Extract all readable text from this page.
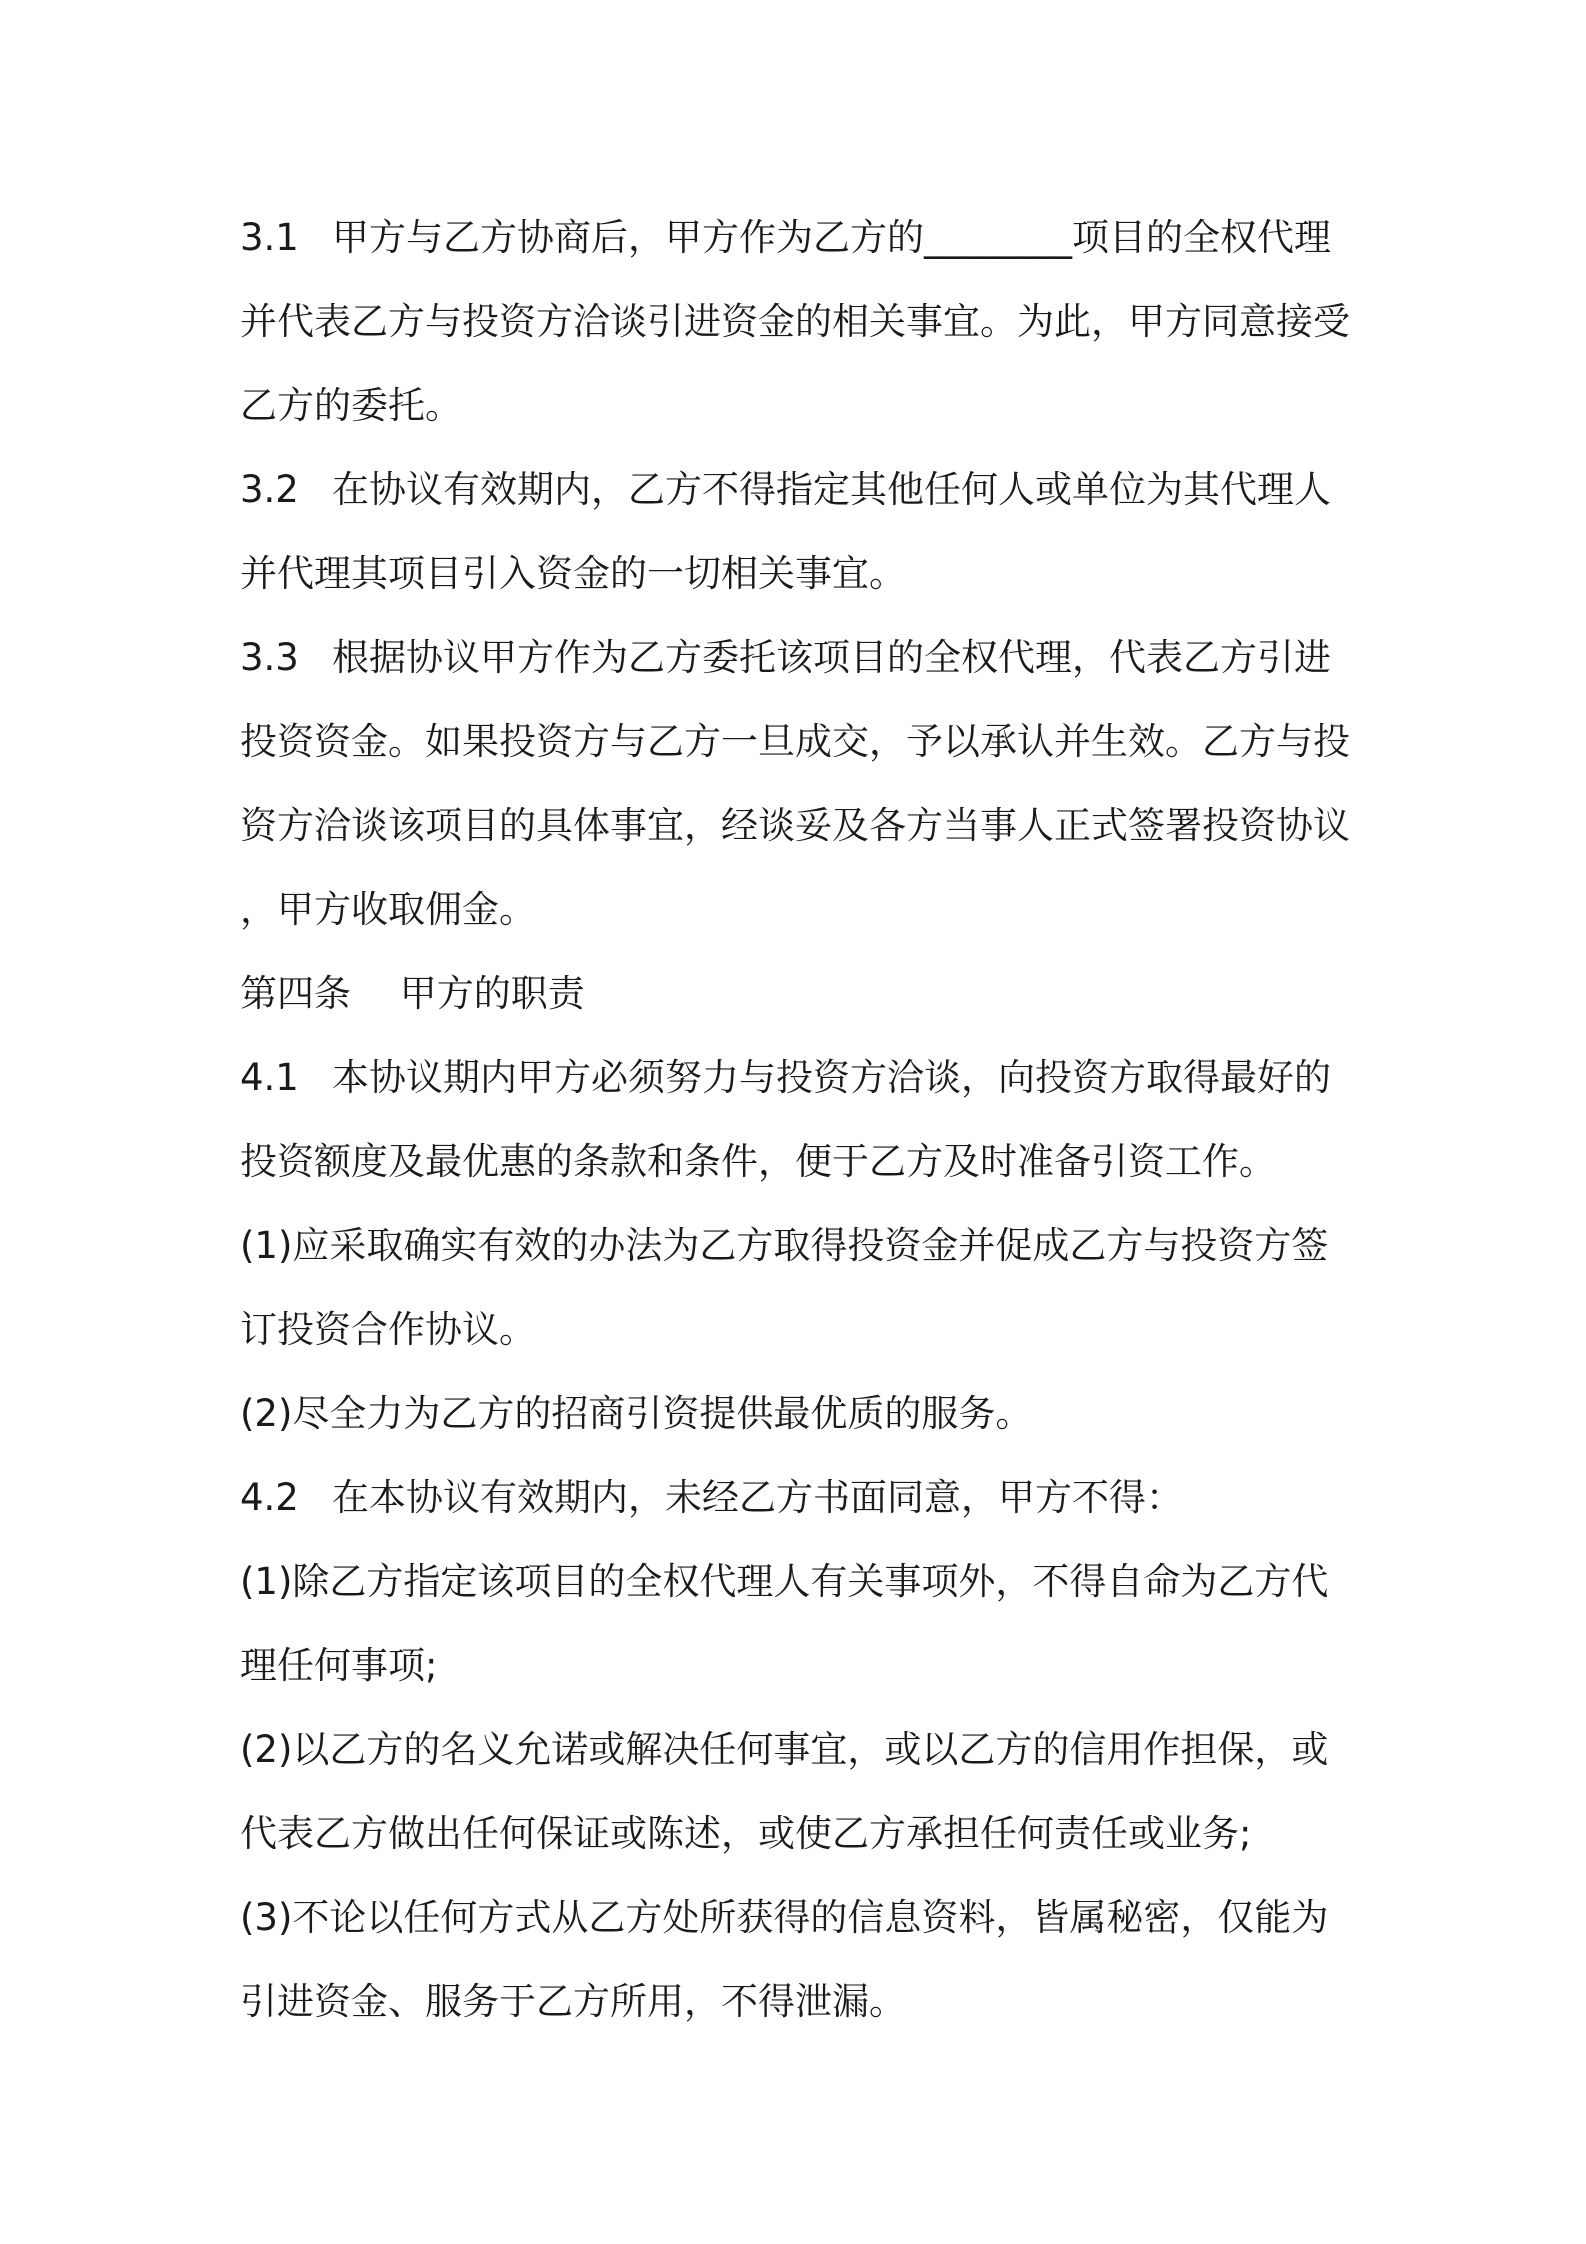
3.1 甲方与乙方协商后，甲方作为乙方的________项目的全权代理
并代表乙方与投资方洽谈引进资金的相关事宜。为此，甲方同意接受
乙方的委托。
3.2 在协议有效期内，乙方不得指定其他任何人或单位为其代理人
并代理其项目引入资金的一切相关事宜。
3.3 根据协议甲方作为乙方委托该项目的全权代理，代表乙方引进
投资资金。如果投资方与乙方一旦成交，予以承认并生效。乙方与投
资方洽谈该项目的具体事宜，经谈妥及各方当事人正式签署投资协议
，甲方收取佣金。
第四条　 甲方的职责
4.1 本协议期内甲方必须努力与投资方洽谈，向投资方取得最好的
投资额度及最优惠的条款和条件，便于乙方及时准备引资工作。
(1)应采取确实有效的办法为乙方取得投资金并促成乙方与投资方签
订投资合作协议。
(2)尽全力为乙方的招商引资提供最优质的服务。
4.2 在本协议有效期内，未经乙方书面同意，甲方不得：
(1)除乙方指定该项目的全权代理人有关事项外，不得自命为乙方代
理任何事项;
(2)以乙方的名义允诺或解决任何事宜，或以乙方的信用作担保，或
代表乙方做出任何保证或陈述，或使乙方承担任何责任或业务;
(3)不论以任何方式从乙方处所获得的信息资料，皆属秘密，仅能为
引进资金、服务于乙方所用，不得泄漏。
